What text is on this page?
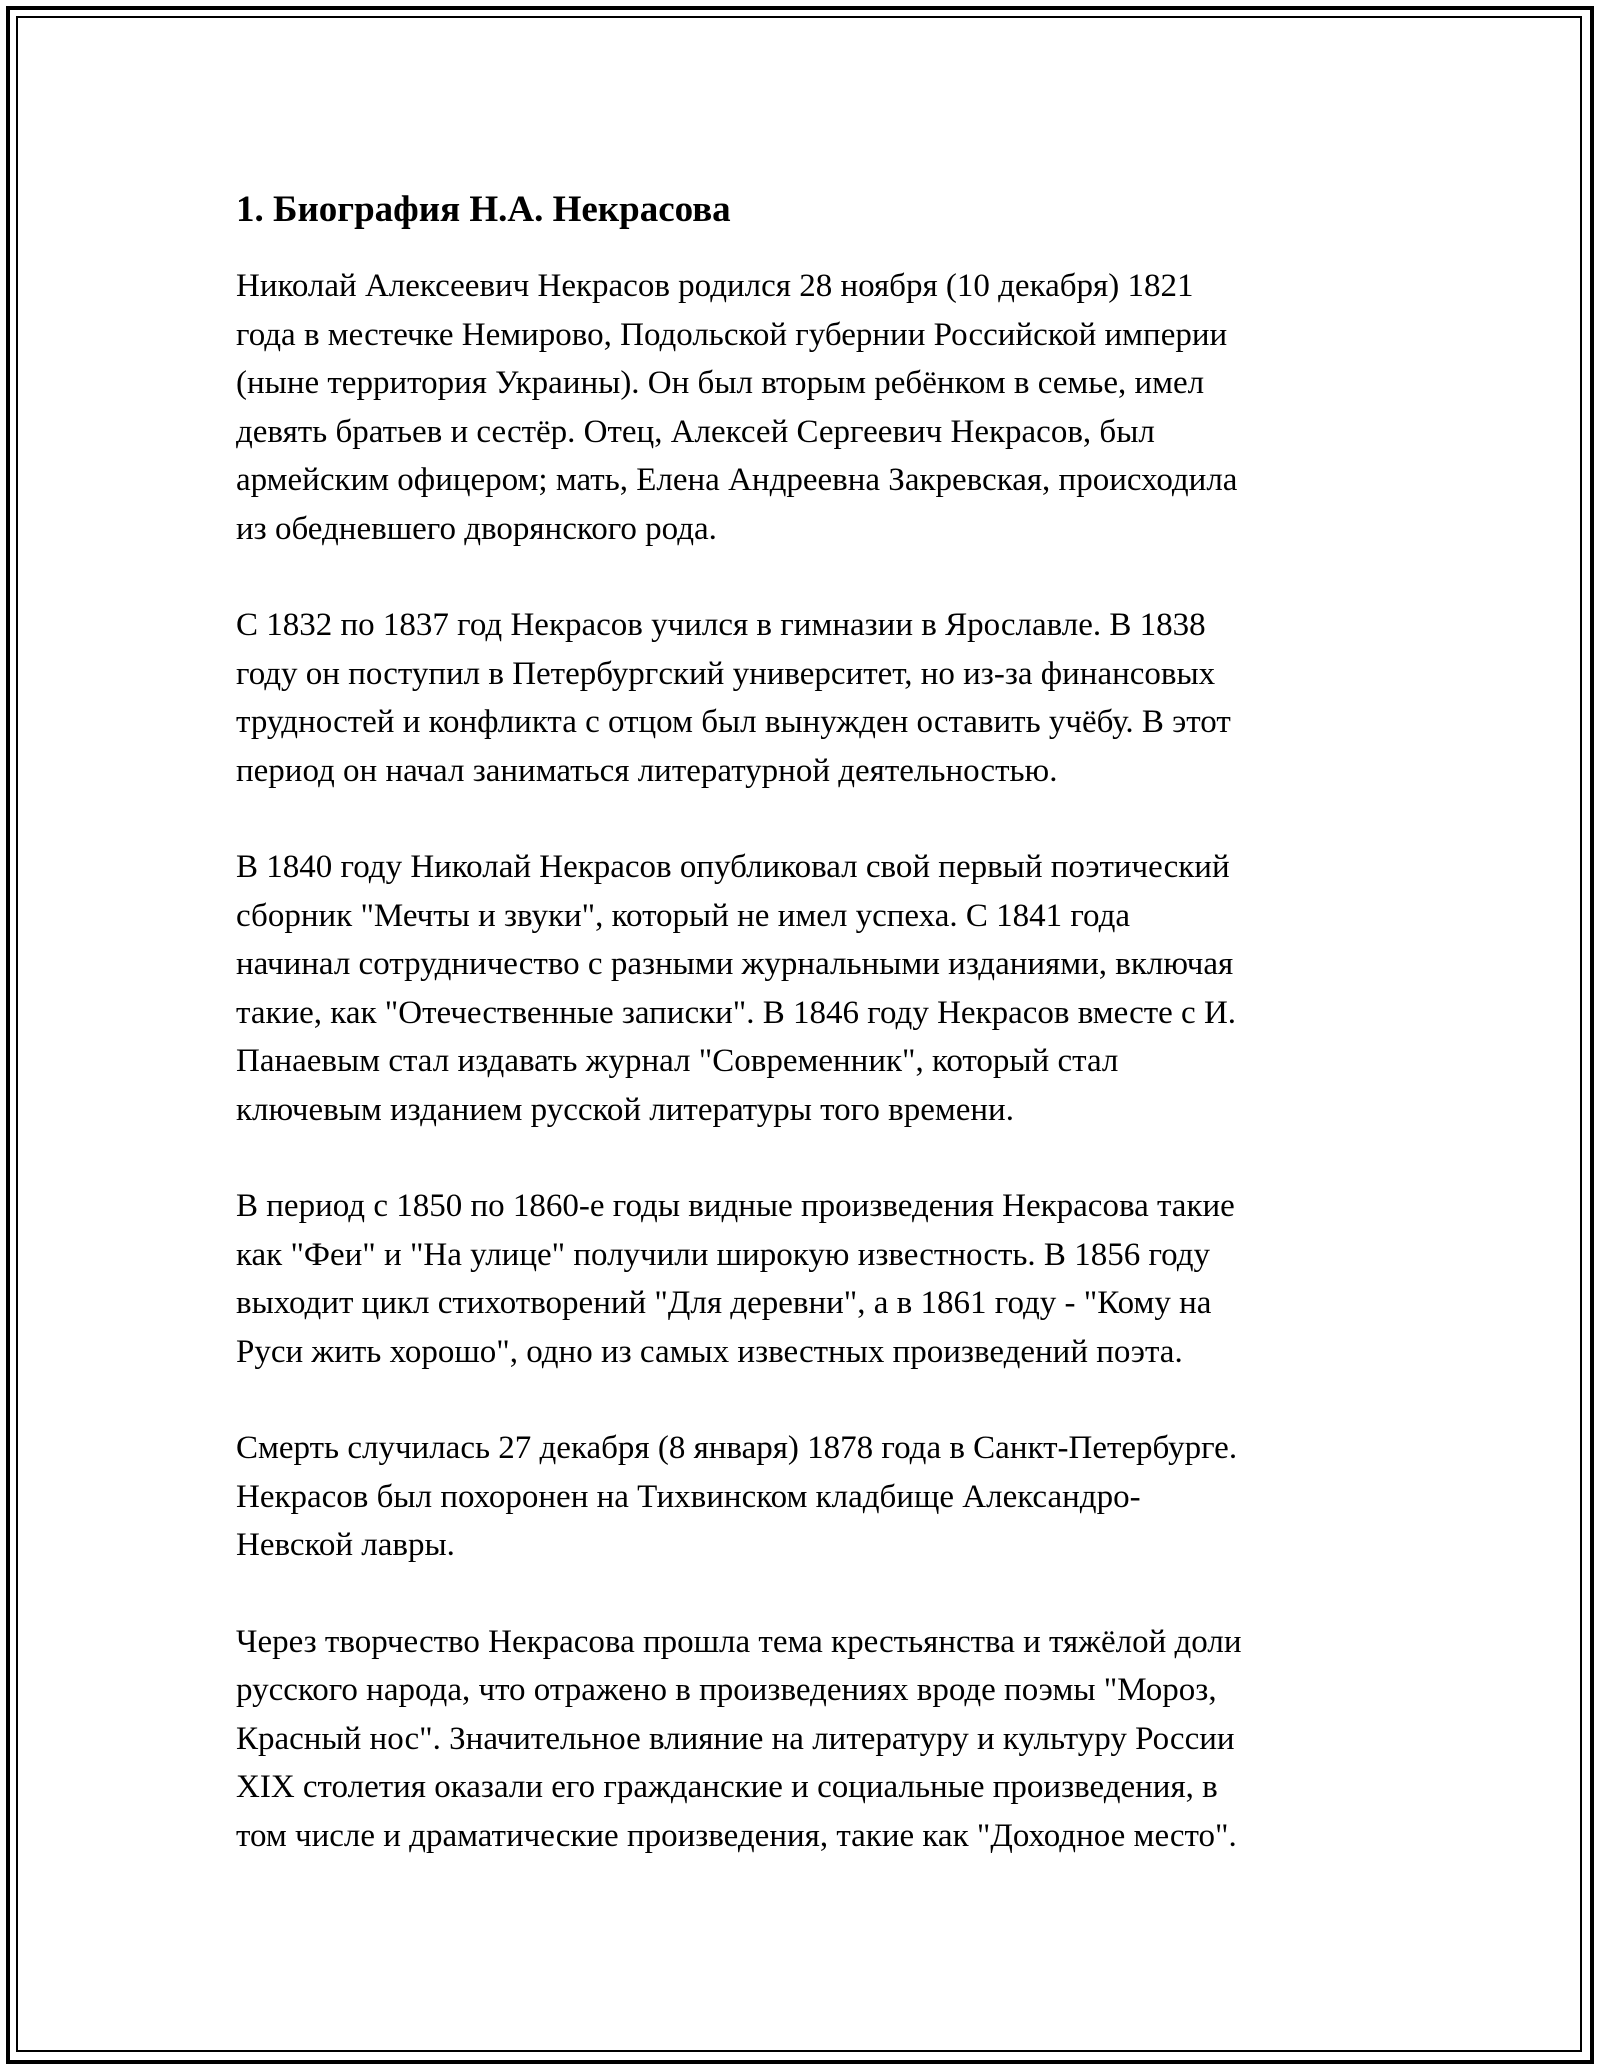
1. Биография Н.А. Некрасова

Николай Алексеевич Некрасов родился 28 ноября (10 декабря) 1821
года в местечке Немирово, Подольской губернии Российской империи
(ныне территория Украины). Он был вторым ребёнком в семье, имел
девять братьев и сестёр. Отец, Алексей Сергеевич Некрасов, был
армейским офицером; мать, Елена Андреевна Закревская, происходила
из обедневшего дворянского рода.

С 1832 по 1837 год Некрасов учился в гимназии в Ярославле. В 1838
году он поступил в Петербургский университет, но из-за финансовых
трудностей и конфликта с отцом был вынужден оставить учёбу. В этот
период он начал заниматься литературной деятельностью.

В 1840 году Николай Некрасов опубликовал свой первый поэтический
сборник "Мечты и звуки", который не имел успеха. С 1841 года
начинал сотрудничество с разными журнальными изданиями, включая
такие, как "Отечественные записки". В 1846 году Некрасов вместе с И.
Панаевым стал издавать журнал "Современник", который стал
ключевым изданием русской литературы того времени.

В период с 1850 по 1860-е годы видные произведения Некрасова такие
как "Феи" и "На улице" получили широкую известность. В 1856 году
выходит цикл стихотворений "Для деревни", а в 1861 году - "Кому на
Руси жить хорошо", одно из самых известных произведений поэта.

Смерть случилась 27 декабря (8 января) 1878 года в Санкт-Петербурге.
Некрасов был похоронен на Тихвинском кладбище Александро-
Невской лавры.

Через творчество Некрасова прошла тема крестьянства и тяжёлой доли
русского народа, что отражено в произведениях вроде поэмы "Мороз,
Красный нос". Значительное влияние на литературу и культуру России
XIX столетия оказали его гражданские и социальные произведения, в
том числе и драматические произведения, такие как "Доходное место".
